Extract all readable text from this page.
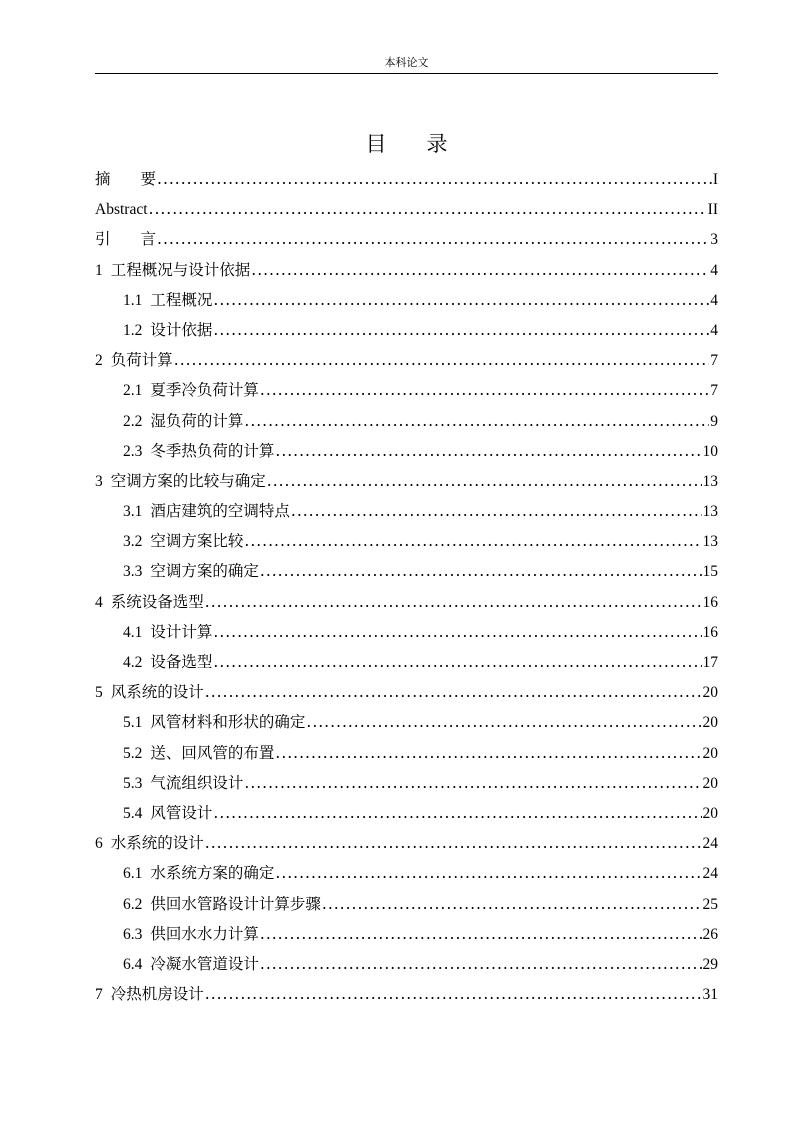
本科论文
目 录
摘 要 .....	I
Abstract .....	II
引 言 .....	3
1 工程概况与设计依据 .....	4
1.1 工程概况 .....	4
1.2 设计依据 .....	4
2 负荷计算 .....	7
2.1 夏季冷负荷计算 .....	7
2.2 湿负荷的计算 .....	9
2.3 冬季热负荷的计算 .....	10
3 空调方案的比较与确定 .....	13
3.1 酒店建筑的空调特点 .....	13
3.2 空调方案比较 .....	13
3.3 空调方案的确定 .....	15
4 系统设备选型 .....	16
4.1 设计计算 .....	16
4.2 设备选型 .....	17
5 风系统的设计 .....	20
5.1 风管材料和形状的确定 .....	20
5.2 送、回风管的布置 .....	20
5.3 气流组织设计 .....	20
5.4 风管设计 .....	20
6 水系统的设计 .....	24
6.1 水系统方案的确定 .....	24
6.2 供回水管路设计计算步骤 .....	25
6.3 供回水水力计算 .....	26
6.4 冷凝水管道设计 .....	29
7 冷热机房设计 .....	31
